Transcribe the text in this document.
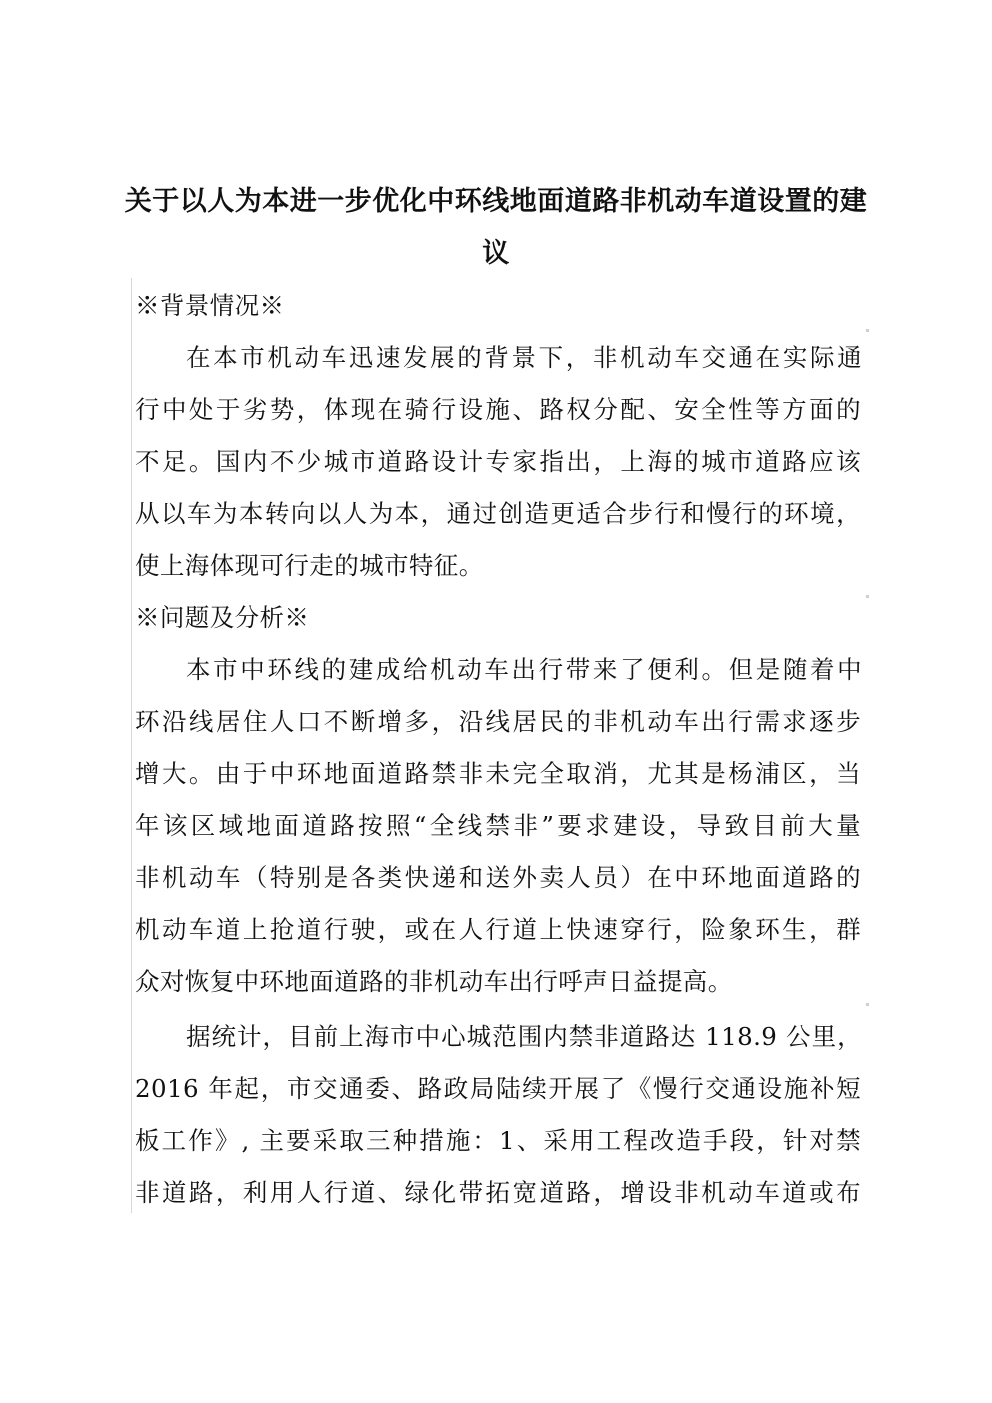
关于以人为本进一步优化中环线地面道路非机动车道设置的建
议
※背景情况※
在本市机动车迅速发展的背景下，非机动车交通在实际通
行中处于劣势，体现在骑行设施、路权分配、安全性等方面的
不足。国内不少城市道路设计专家指出，上海的城市道路应该
从以车为本转向以人为本，通过创造更适合步行和慢行的环境，
使上海体现可行走的城市特征。
※问题及分析※
本市中环线的建成给机动车出行带来了便利。但是随着中
环沿线居住人口不断增多，沿线居民的非机动车出行需求逐步
增大。由于中环地面道路禁非未完全取消，尤其是杨浦区，当
年该区域地面道路按照“全线禁非”要求建设，导致目前大量
非机动车（特别是各类快递和送外卖人员）在中环地面道路的
机动车道上抢道行驶，或在人行道上快速穿行，险象环生，群
众对恢复中环地面道路的非机动车出行呼声日益提高。
据统计，目前上海市中心城范围内禁非道路达 118.9 公里，
2016 年起，市交通委、路政局陆续开展了《慢行交通设施补短
板工作》, 主要采取三种措施：1、采用工程改造手段，针对禁
非道路，利用人行道、绿化带拓宽道路，增设非机动车道或布
